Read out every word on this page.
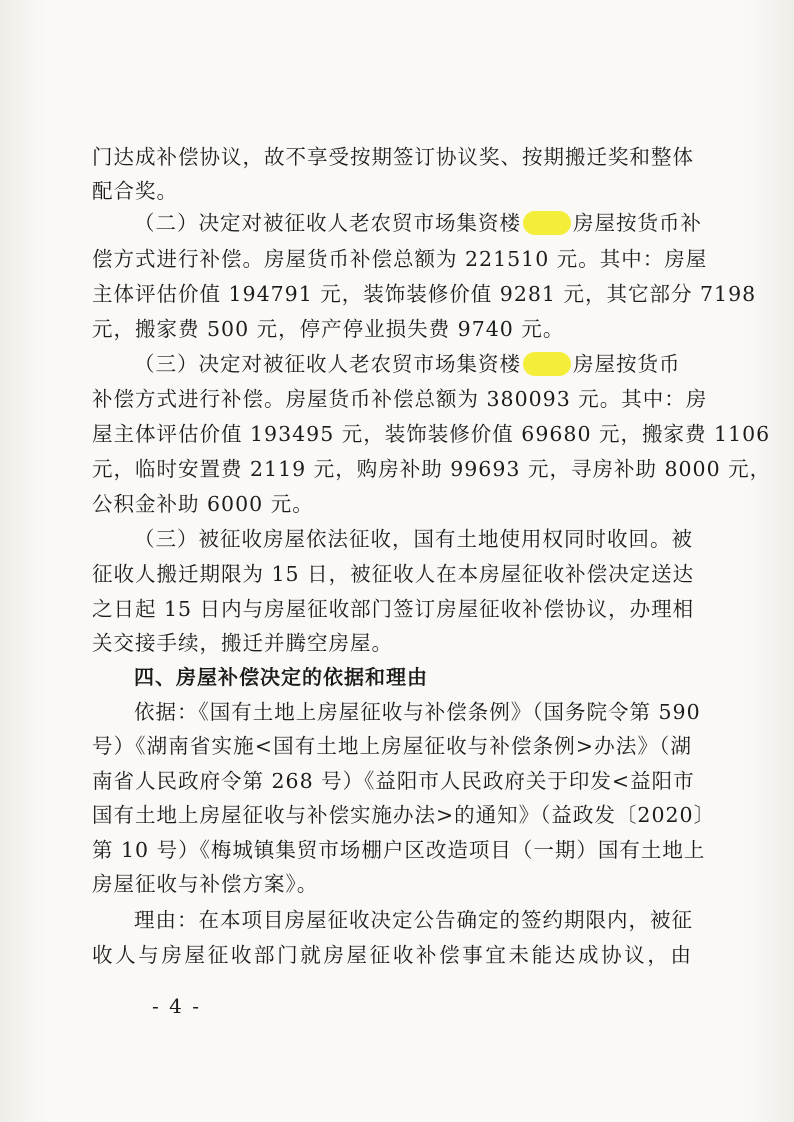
门达成补偿协议，故不享受按期签订协议奖、按期搬迁奖和整体
配合奖。
（二）决定对被征收人老农贸市场集资楼	房屋按货币补
偿方式进行补偿。房屋货币补偿总额为 221510 元。其中：房屋
主体评估价值 194791 元，装饰装修价值 9281 元，其它部分 7198
元，搬家费 500 元，停产停业损失费 9740 元。
（三）决定对被征收人老农贸市场集资楼	房屋按货币
补偿方式进行补偿。房屋货币补偿总额为 380093 元。其中：房
屋主体评估价值 193495 元，装饰装修价值 69680 元，搬家费 1106
元，临时安置费 2119 元，购房补助 99693 元，寻房补助 8000 元，
公积金补助 6000 元。
（三）被征收房屋依法征收，国有土地使用权同时收回。被
征收人搬迁期限为 15 日，被征收人在本房屋征收补偿决定送达
之日起 15 日内与房屋征收部门签订房屋征收补偿协议，办理相
关交接手续，搬迁并腾空房屋。
四、房屋补偿决定的依据和理由
依据：《国有土地上房屋征收与补偿条例》（国务院令第 590
号）《湖南省实施<国有土地上房屋征收与补偿条例>办法》（湖
南省人民政府令第 268 号）《益阳市人民政府关于印发<益阳市
国有土地上房屋征收与补偿实施办法>的通知》（益政发〔2020〕
第 10 号）《梅城镇集贸市场棚户区改造项目（一期）国有土地上
房屋征收与补偿方案》。
理由：在本项目房屋征收决定公告确定的签约期限内，被征
收人与房屋征收部门就房屋征收补偿事宜未能达成协议，由
- 4 -
